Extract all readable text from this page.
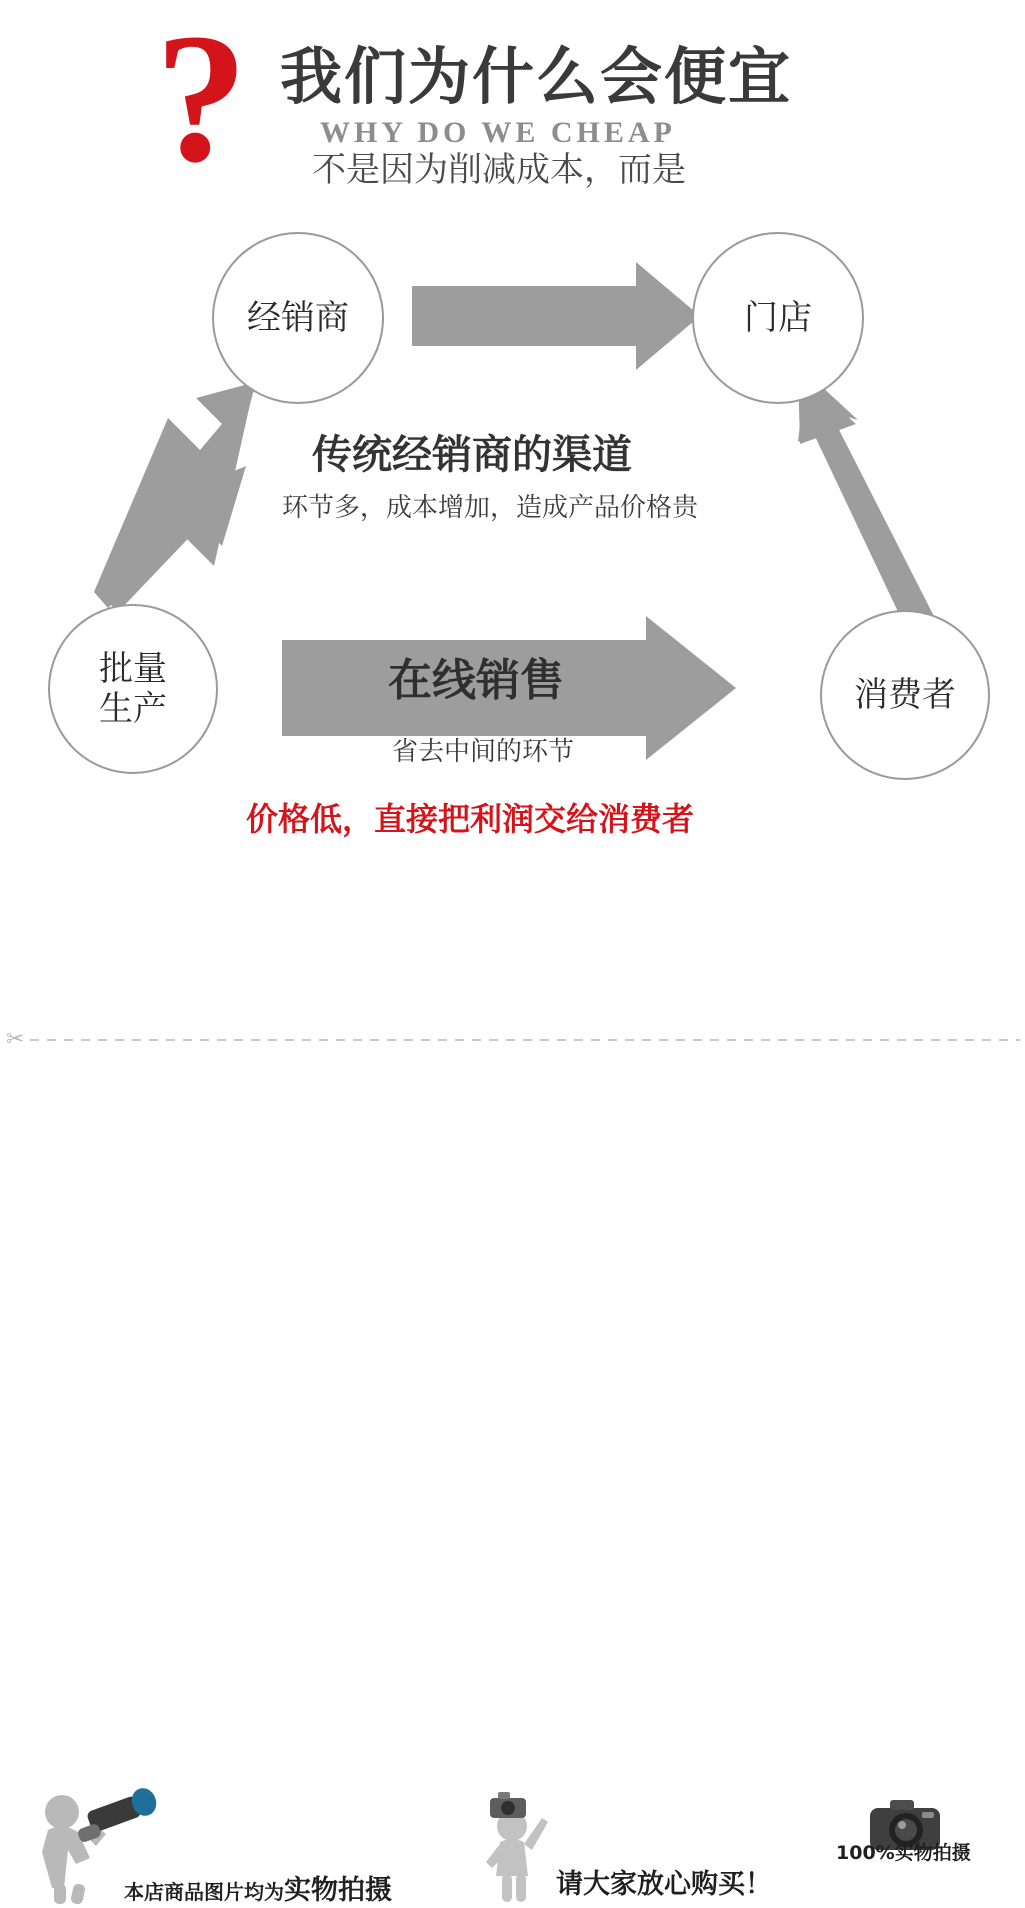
? 我们为什么会便宜
WHY DO WE CHEAP
不是因为削减成本，而是
经销商	门店
批量
生产	消费者
传统经销商的渠道
环节多，成本增加，造成产品价格贵
在线销售
省去中间的环节
价格低，直接把利润交给消费者
本店商品图片均为实物拍摄	请大家放心购买！
100%实物拍摄
✂
